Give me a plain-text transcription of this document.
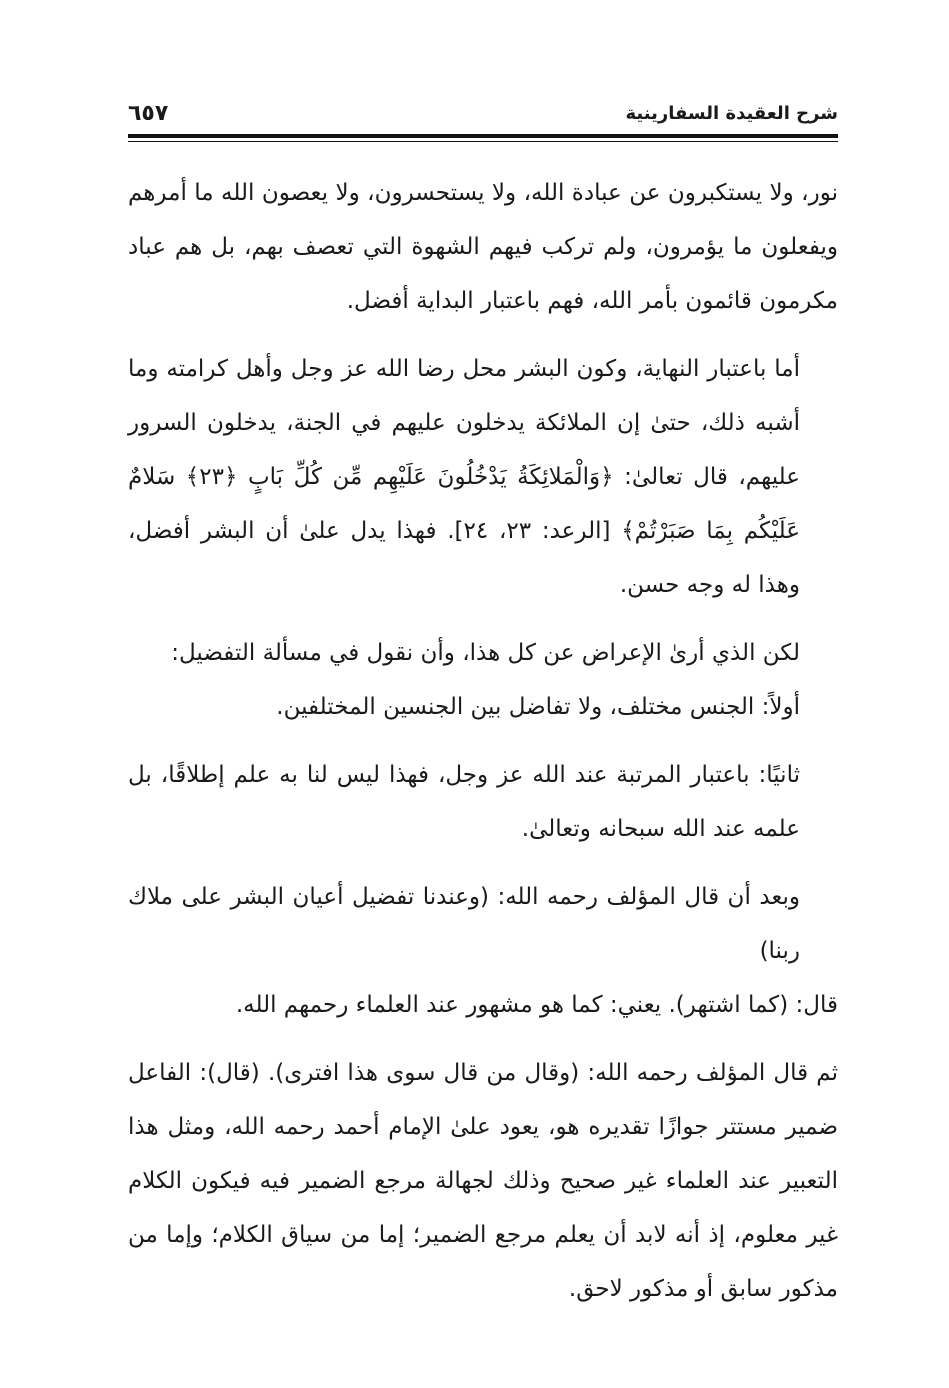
شرح العقيدة السفارينية
٦٥٧

نور، ولا يستكبرون عن عبادة الله، ولا يستحسرون، ولا يعصون الله ما أمرهم ويفعلون ما يؤمرون، ولم تركب فيهم الشهوة التي تعصف بهم، بل هم عباد مكرمون قائمون بأمر الله، فهم باعتبار البداية أفضل.

أما باعتبار النهاية، وكون البشر محل رضا الله عز وجل وأهل كرامته وما أشبه ذلك، حتىٰ إن الملائكة يدخلون عليهم في الجنة، يدخلون السرور عليهم، قال تعالىٰ: ﴿وَالْمَلائِكَةُ يَدْخُلُونَ عَلَيْهِم مِّن كُلِّ بَابٍ ﴿٢٣﴾ سَلامٌ عَلَيْكُم بِمَا صَبَرْتُمْ﴾ [الرعد: ٢٣، ٢٤]. فهذا يدل علىٰ أن البشر أفضل، وهذا له وجه حسن.

لكن الذي أرىٰ الإعراض عن كل هذا، وأن نقول في مسألة التفضيل:

أولاً: الجنس مختلف، ولا تفاضل بين الجنسين المختلفين.

ثانيًا: باعتبار المرتبة عند الله عز وجل، فهذا ليس لنا به علم إطلاقًا، بل علمه عند الله سبحانه وتعالىٰ.

وبعد أن قال المؤلف رحمه الله: (وعندنا تفضيل أعيان البشر على ملاك ربنا)

قال: (كما اشتهر). يعني: كما هو مشهور عند العلماء رحمهم الله.

ثم قال المؤلف رحمه الله: (وقال من قال سوى هذا افترى). (قال): الفاعل ضمير مستتر جوازًا تقديره هو، يعود علىٰ الإمام أحمد رحمه الله، ومثل هذا التعبير عند العلماء غير صحيح وذلك لجهالة مرجع الضمير فيه فيكون الكلام غير معلوم، إذ أنه لابد أن يعلم مرجع الضمير؛ إما من سياق الكلام؛ وإما من مذكور سابق أو مذكور لاحق.
